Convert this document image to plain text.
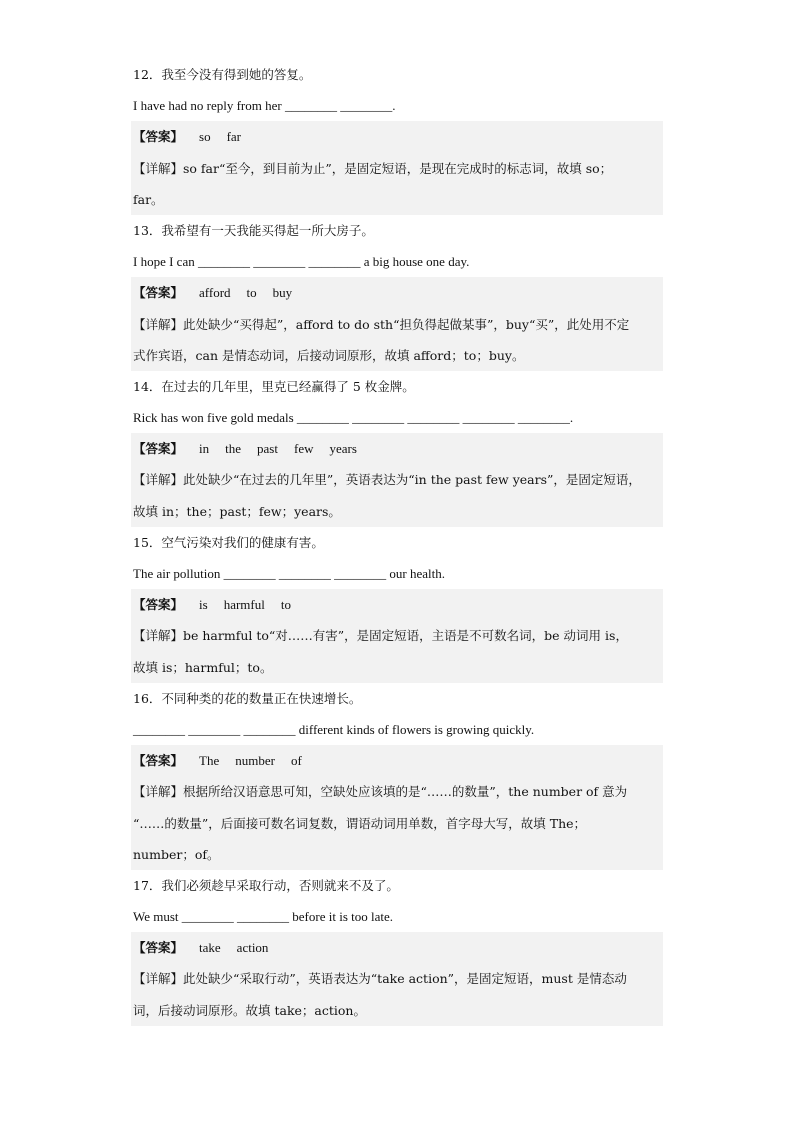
12．我至今没有得到她的答复。
I have had no reply from her ________ ________.
【答案】 so far
【详解】so far“至今，到目前为止”，是固定短语，是现在完成时的标志词，故填 so；
far。
13．我希望有一天我能买得起一所大房子。
I hope I can ________ ________ ________ a big house one day.
【答案】 afford to buy
【详解】此处缺少“买得起”，afford to do sth“担负得起做某事”，buy“买”，此处用不定
式作宾语，can 是情态动词，后接动词原形，故填 afford；to；buy。
14．在过去的几年里，里克已经赢得了 5 枚金牌。
Rick has won five gold medals ________ ________ ________ ________ ________.
【答案】 in the past few years
【详解】此处缺少“在过去的几年里”，英语表达为“in the past few years”，是固定短语，
故填 in；the；past；few；years。
15．空气污染对我们的健康有害。
The air pollution ________ ________ ________ our health.
【答案】 is harmful to
【详解】be harmful to“对……有害”，是固定短语，主语是不可数名词，be 动词用 is，
故填 is；harmful；to。
16．不同种类的花的数量正在快速增长。
________ ________ ________ different kinds of flowers is growing quickly.
【答案】 The number of
【详解】根据所给汉语意思可知，空缺处应该填的是“……的数量”，the number of 意为
“……的数量”，后面接可数名词复数，谓语动词用单数，首字母大写，故填 The；
number；of。
17．我们必须趁早采取行动，否则就来不及了。
We must ________ ________ before it is too late.
【答案】 take action
【详解】此处缺少“采取行动”，英语表达为“take action”，是固定短语，must 是情态动
词，后接动词原形。故填 take；action。
